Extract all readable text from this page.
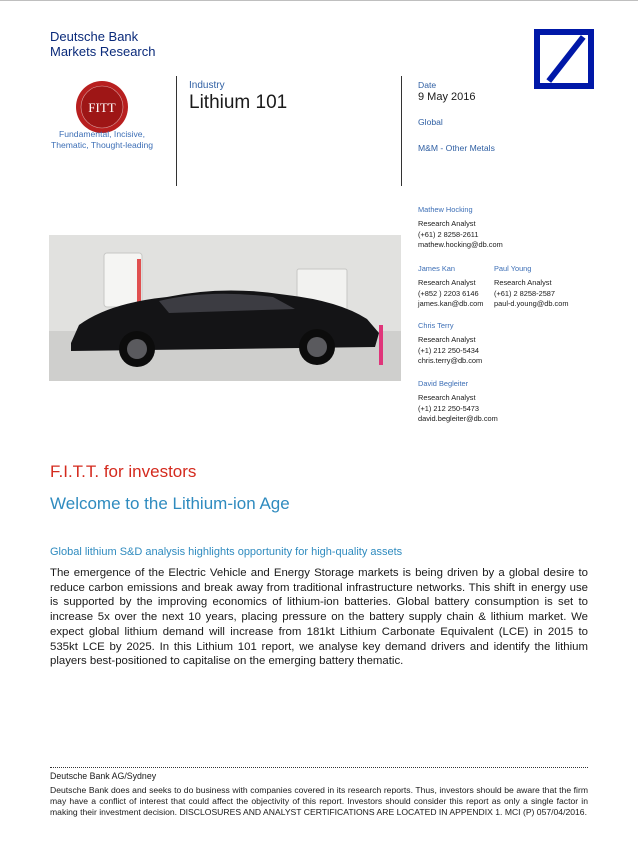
Deutsche Bank
Markets Research
FITT
Fundamental, Incisive,
Thematic, Thought-leading
Industry
Lithium 101
Date
9 May 2016
Global
M&M - Other Metals
Mathew Hocking
Research Analyst
(+61) 2 8258-2611
mathew.hocking@db.com
James Kan
Research Analyst
(+852 ) 2203 6146
james.kan@db.com
Paul Young
Research Analyst
(+61) 2 8258-2587
paul-d.young@db.com
Chris Terry
Research Analyst
(+1) 212 250-5434
chris.terry@db.com
David Begleiter
Research Analyst
(+1) 212 250-5473
david.begleiter@db.com
F.I.T.T. for investors
Welcome to the Lithium-ion Age
Global lithium S&D analysis highlights opportunity for high-quality assets
The emergence of the Electric Vehicle and Energy Storage markets is being driven by a global desire to reduce carbon emissions and break away from traditional infrastructure networks. This shift in energy use is supported by the improving economics of lithium-ion batteries. Global battery consumption is set to increase 5x over the next 10 years, placing pressure on the battery supply chain & lithium market. We expect global lithium demand will increase from 181kt Lithium Carbonate Equivalent (LCE) in 2015 to 535kt LCE by 2025. In this Lithium 101 report, we analyse key demand drivers and identify the lithium players best-positioned to capitalise on the emerging battery thematic.
Deutsche Bank AG/Sydney
Deutsche Bank does and seeks to do business with companies covered in its research reports. Thus, investors should be aware that the firm may have a conflict of interest that could affect the objectivity of this report. Investors should consider this report as only a single factor in making their investment decision. DISCLOSURES AND ANALYST CERTIFICATIONS ARE LOCATED IN APPENDIX 1. MCI (P) 057/04/2016.
